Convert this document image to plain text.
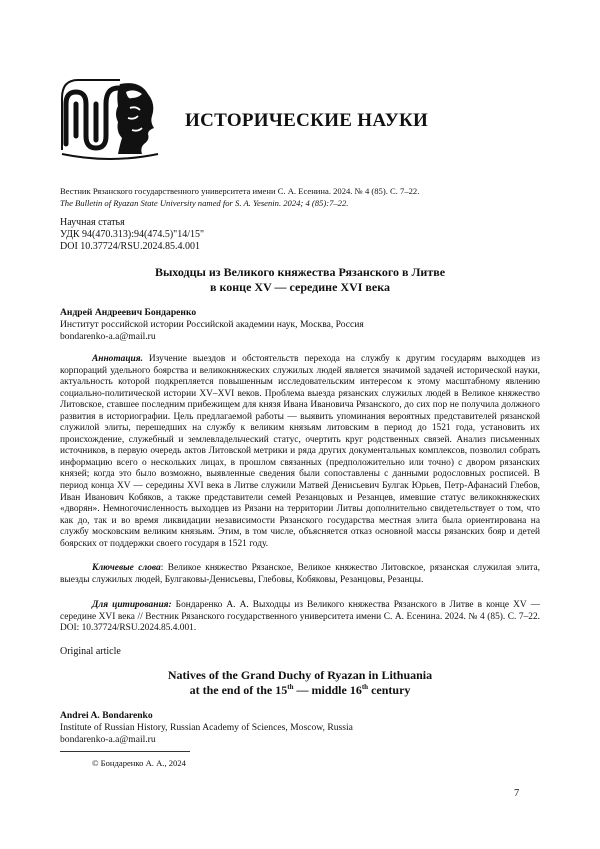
ИСТОРИЧЕСКИЕ НАУКИ
Вестник Рязанского государственного университета имени С. А. Есенина. 2024. № 4 (85). С. 7–22.
The Bulletin of Ryazan State University named for S. A. Yesenin. 2024; 4 (85):7–22.
Научная статья
УДК 94(470.313):94(474.5)"14/15"
DOI 10.37724/RSU.2024.85.4.001
Выходцы из Великого княжества Рязанского в Литве
в конце XV — середине XVI века
Андрей Андреевич Бондаренко
Институт российской истории Российской академии наук, Москва, Россия
bondarenko-a.a@mail.ru

Аннотация. Изучение выездов и обстоятельств перехода на службу к другим государям выходцев из корпораций удельного боярства и великокняжеских служилых людей является значимой задачей исторической науки, актуальность которой подкрепляется повышенным исследовательским интересом к этому масштабному явлению социально-политической истории XV–XVI веков. Проблема выезда рязанских служилых людей в Великое княжество Литовское, ставшее последним прибежищем для князя Ивана Ивановича Рязанского, до сих пор не получила должного развития в историографии. Цель предлагаемой работы — выявить упоминания вероятных представителей рязанской служилой элиты, перешедших на службу к великим князьям литовским в период до 1521 года, установить их происхождение, служебный и землевладельческий статус, очертить круг родственных связей. Анализ письменных источников, в первую очередь актов Литовской метрики и ряда других документальных комплексов, позволил собрать информацию всего о нескольких лицах, в прошлом связанных (предположительно или точно) с двором рязанских князей; когда это было возможно, выявленные сведения были сопоставлены с данными родословных росписей. В период конца XV — середины XVI века в Литве служили Матвей Денисьевич Булгак Юрьев, Петр-Афанасий Глебов, Иван Иванович Кобяков, а также представители семей Резанцовых и Резанцев, имевшие статус великокняжеских «дворян». Немногочисленность выходцев из Рязани на территории Литвы дополнительно свидетельствует о том, что как до, так и во время ликвидации независимости Рязанского государства местная элита была ориентирована на службу московским великим князьям. Этим, в том числе, объясняется отказ основной массы рязанских бояр и детей боярских от поддержки своего государя в 1521 году.

Ключевые слова: Великое княжество Рязанское, Великое княжество Литовское, рязанская служилая элита, выезды служилых людей, Булгаковы-Денисьевы, Глебовы, Кобяковы, Резанцовы, Резанцы.

Для цитирования: Бондаренко А. А. Выходцы из Великого княжества Рязанского в Литве в конце XV — середине XVI века // Вестник Рязанского государственного университета имени С. А. Есенина. 2024. № 4 (85). С. 7–22. DOI: 10.37724/RSU.2024.85.4.001.

Original article
Natives of the Grand Duchy of Ryazan in Lithuania
at the end of the 15th — middle 16th century
Andrei A. Bondarenko
Institute of Russian History, Russian Academy of Sciences, Moscow, Russia
bondarenko-a.a@mail.ru
© Бондаренко А. А., 2024
7
